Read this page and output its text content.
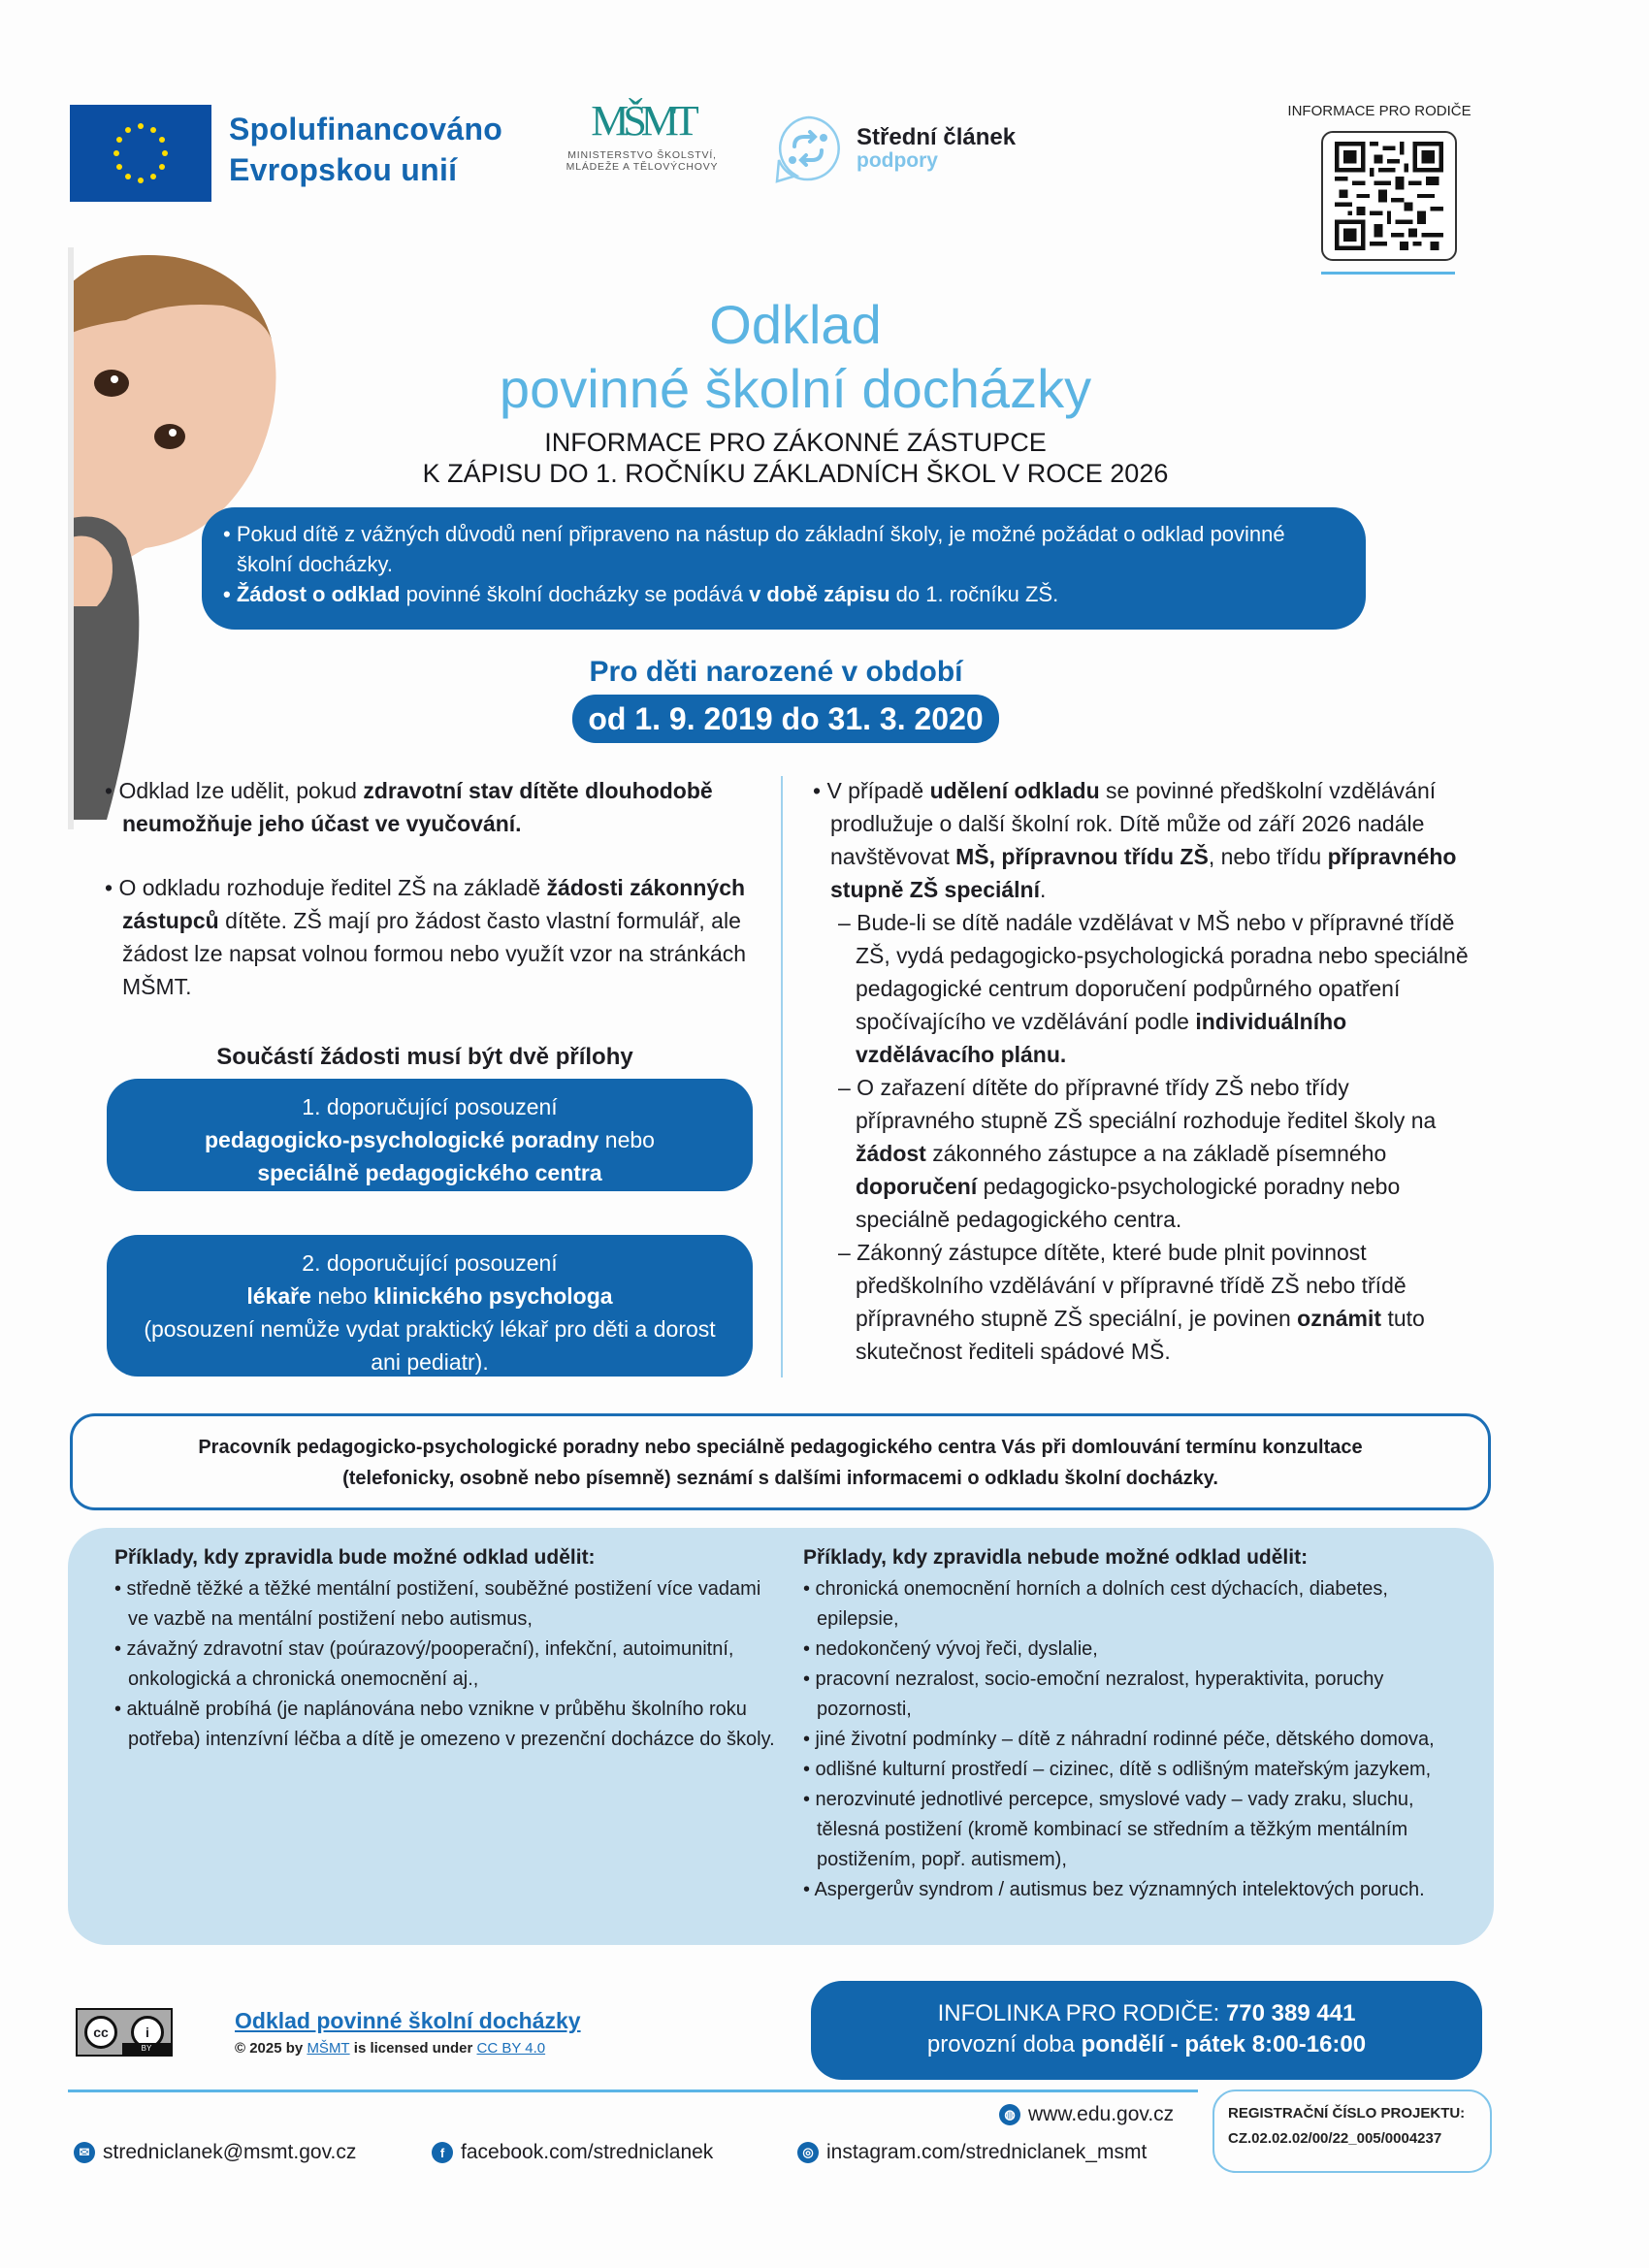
Spolufinancováno
Evropskou unií
MŠMT
MINISTERSTVO ŠKOLSTVÍ,
MLÁDEŽE A TĚLOVÝCHOVY
Střední článek
podpory
INFORMACE PRO RODIČE
Odklad
povinné školní docházky
INFORMACE PRO ZÁKONNÉ ZÁSTUPCE
K ZÁPISU DO 1. ROČNÍKU ZÁKLADNÍCH ŠKOL V ROCE 2026

• Pokud dítě z vážných důvodů není připraveno na nástup do základní školy, je možné požádat o odklad povinné školní docházky.

• Žádost o odklad povinné školní docházky se podává v době zápisu do 1. ročníku ZŠ.

Pro děti narozené v období
od 1. 9. 2019 do 31. 3. 2020

• Odklad lze udělit, pokud zdravotní stav dítěte dlouhodobě neumožňuje jeho účast ve vyučování.

• O odkladu rozhoduje ředitel ZŠ na základě žádosti zákonných zástupců dítěte. ZŠ mají pro žádost často vlastní formulář, ale žádost lze napsat volnou formou nebo využít vzor na stránkách MŠMT.

Součástí žádosti musí být dvě přílohy
1. doporučující posouzení
pedagogicko-psychologické poradny nebo
speciálně pedagogického centra
2. doporučující posouzení
lékaře nebo klinického psychologa
(posouzení nemůže vydat praktický lékař pro děti a dorost ani pediatr).

• V případě udělení odkladu se povinné předškolní vzdělávání prodlužuje o další školní rok. Dítě může od září 2026 nadále navštěvovat MŠ, přípravnou třídu ZŠ, nebo třídu přípravného stupně ZŠ speciální.

– Bude-li se dítě nadále vzdělávat v MŠ nebo v přípravné třídě ZŠ, vydá pedagogicko-psychologická poradna nebo speciálně pedagogické centrum doporučení podpůrného opatření spočívajícího ve vzdělávání podle individuálního vzdělávacího plánu.

– O zařazení dítěte do přípravné třídy ZŠ nebo třídy přípravného stupně ZŠ speciální rozhoduje ředitel školy na žádost zákonného zástupce a na základě písemného doporučení pedagogicko-psychologické poradny nebo speciálně pedagogického centra.

– Zákonný zástupce dítěte, které bude plnit povinnost předškolního vzdělávání v přípravné třídě ZŠ nebo třídě přípravného stupně ZŠ speciální, je povinen oznámit tuto skutečnost řediteli spádové MŠ.

Pracovník pedagogicko-psychologické poradny nebo speciálně pedagogického centra Vás při domlouvání termínu konzultace
(telefonicky, osobně nebo písemně) seznámí s dalšími informacemi o odkladu školní docházky.
Příklady, kdy zpravidla bude možné odklad udělit:

• středně těžké a těžké mentální postižení, souběžné postižení více vadami ve vazbě na mentální postižení nebo autismus,

• závažný zdravotní stav (poúrazový/pooperační), infekční, autoimunitní, onkologická a chronická onemocnění aj.,

• aktuálně probíhá (je naplánována nebo vznikne v průběhu školního roku potřeba) intenzívní léčba a dítě je omezeno v prezenční docházce do školy.

Příklady, kdy zpravidla nebude možné odklad udělit:

• chronická onemocnění horních a dolních cest dýchacích, diabetes, epilepsie,

• nedokončený vývoj řeči, dyslalie,

• pracovní nezralost, socio-emoční nezralost, hyperaktivita, poruchy pozornosti,

• jiné životní podmínky – dítě z náhradní rodinné péče, dětského domova,

• odlišné kulturní prostředí – cizinec, dítě s odlišným mateřským jazykem,

• nerozvinuté jednotlivé percepce, smyslové vady – vady zraku, sluchu, tělesná postižení (kromě kombinací se středním a těžkým mentálním postižením, popř. autismem),

• Aspergerův syndrom / autismus bez významných intelektových poruch.

cc	i
BY
Odklad povinné školní docházky
© 2025 by MŠMT is licensed under CC BY 4.0
INFOLINKA PRO RODIČE: 770 389 441
provozní doba pondělí - pátek 8:00-16:00
◍ www.edu.gov.cz
✉ stredniclanek@msmt.gov.cz	f facebook.com/stredniclanek	◎ instagram.com/stredniclanek_msmt
REGISTRAČNÍ ČÍSLO PROJEKTU:
CZ.02.02.02/00/22_005/0004237
